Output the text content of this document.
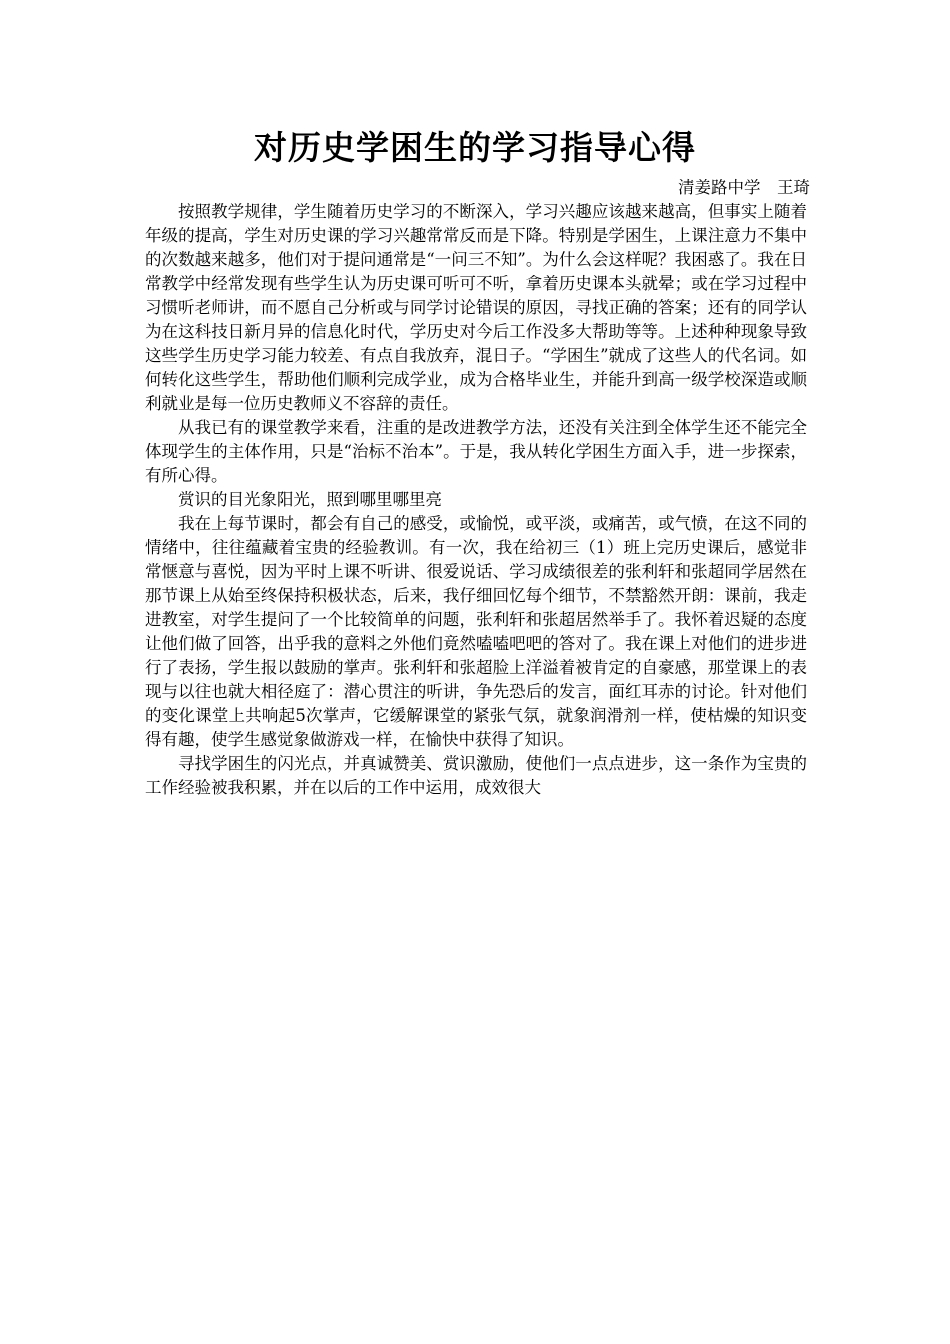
对历史学困生的学习指导心得
清姜路中学　王琦

按照教学规律，学生随着历史学习的不断深入，学习兴趣应该越来越高，但事实上随着年级的提高，学生对历史课的学习兴趣常常反而是下降。特别是学困生，上课注意力不集中的次数越来越多，他们对于提问通常是“一问三不知”。为什么会这样呢？我困惑了。我在日常教学中经常发现有些学生认为历史课可听可不听，拿着历史课本头就晕；或在学习过程中习惯听老师讲，而不愿自己分析或与同学讨论错误的原因，寻找正确的答案；还有的同学认为在这科技日新月异的信息化时代，学历史对今后工作没多大帮助等等。上述种种现象导致这些学生历史学习能力较差、有点自我放弃，混日子。“学困生”就成了这些人的代名词。如何转化这些学生，帮助他们顺利完成学业，成为合格毕业生，并能升到高一级学校深造或顺利就业是每一位历史教师义不容辞的责任。

从我已有的课堂教学来看，注重的是改进教学方法，还没有关注到全体学生还不能完全体现学生的主体作用，只是“治标不治本”。于是，我从转化学困生方面入手，进一步探索，有所心得。

赏识的目光象阳光，照到哪里哪里亮

我在上每节课时，都会有自己的感受，或愉悦，或平淡，或痛苦，或气愤，在这不同的情绪中，往往蕴藏着宝贵的经验教训。有一次，我在给初三（1）班上完历史课后，感觉非常惬意与喜悦，因为平时上课不听讲、很爱说话、学习成绩很差的张利轩和张超同学居然在那节课上从始至终保持积极状态，后来，我仔细回忆每个细节，不禁豁然开朗：课前，我走进教室，对学生提问了一个比较简单的问题，张利轩和张超居然举手了。我怀着迟疑的态度让他们做了回答，出乎我的意料之外他们竟然嗑嗑吧吧的答对了。我在课上对他们的进步进行了表扬，学生报以鼓励的掌声。张利轩和张超脸上洋溢着被肯定的自豪感，那堂课上的表现与以往也就大相径庭了：潜心贯注的听讲，争先恐后的发言，面红耳赤的讨论。针对他们的变化课堂上共响起5次掌声，它缓解课堂的紧张气氛，就象润滑剂一样，使枯燥的知识变得有趣，使学生感觉象做游戏一样，在愉快中获得了知识。

寻找学困生的闪光点，并真诚赞美、赏识激励，使他们一点点进步，这一条作为宝贵的工作经验被我积累，并在以后的工作中运用，成效很大
